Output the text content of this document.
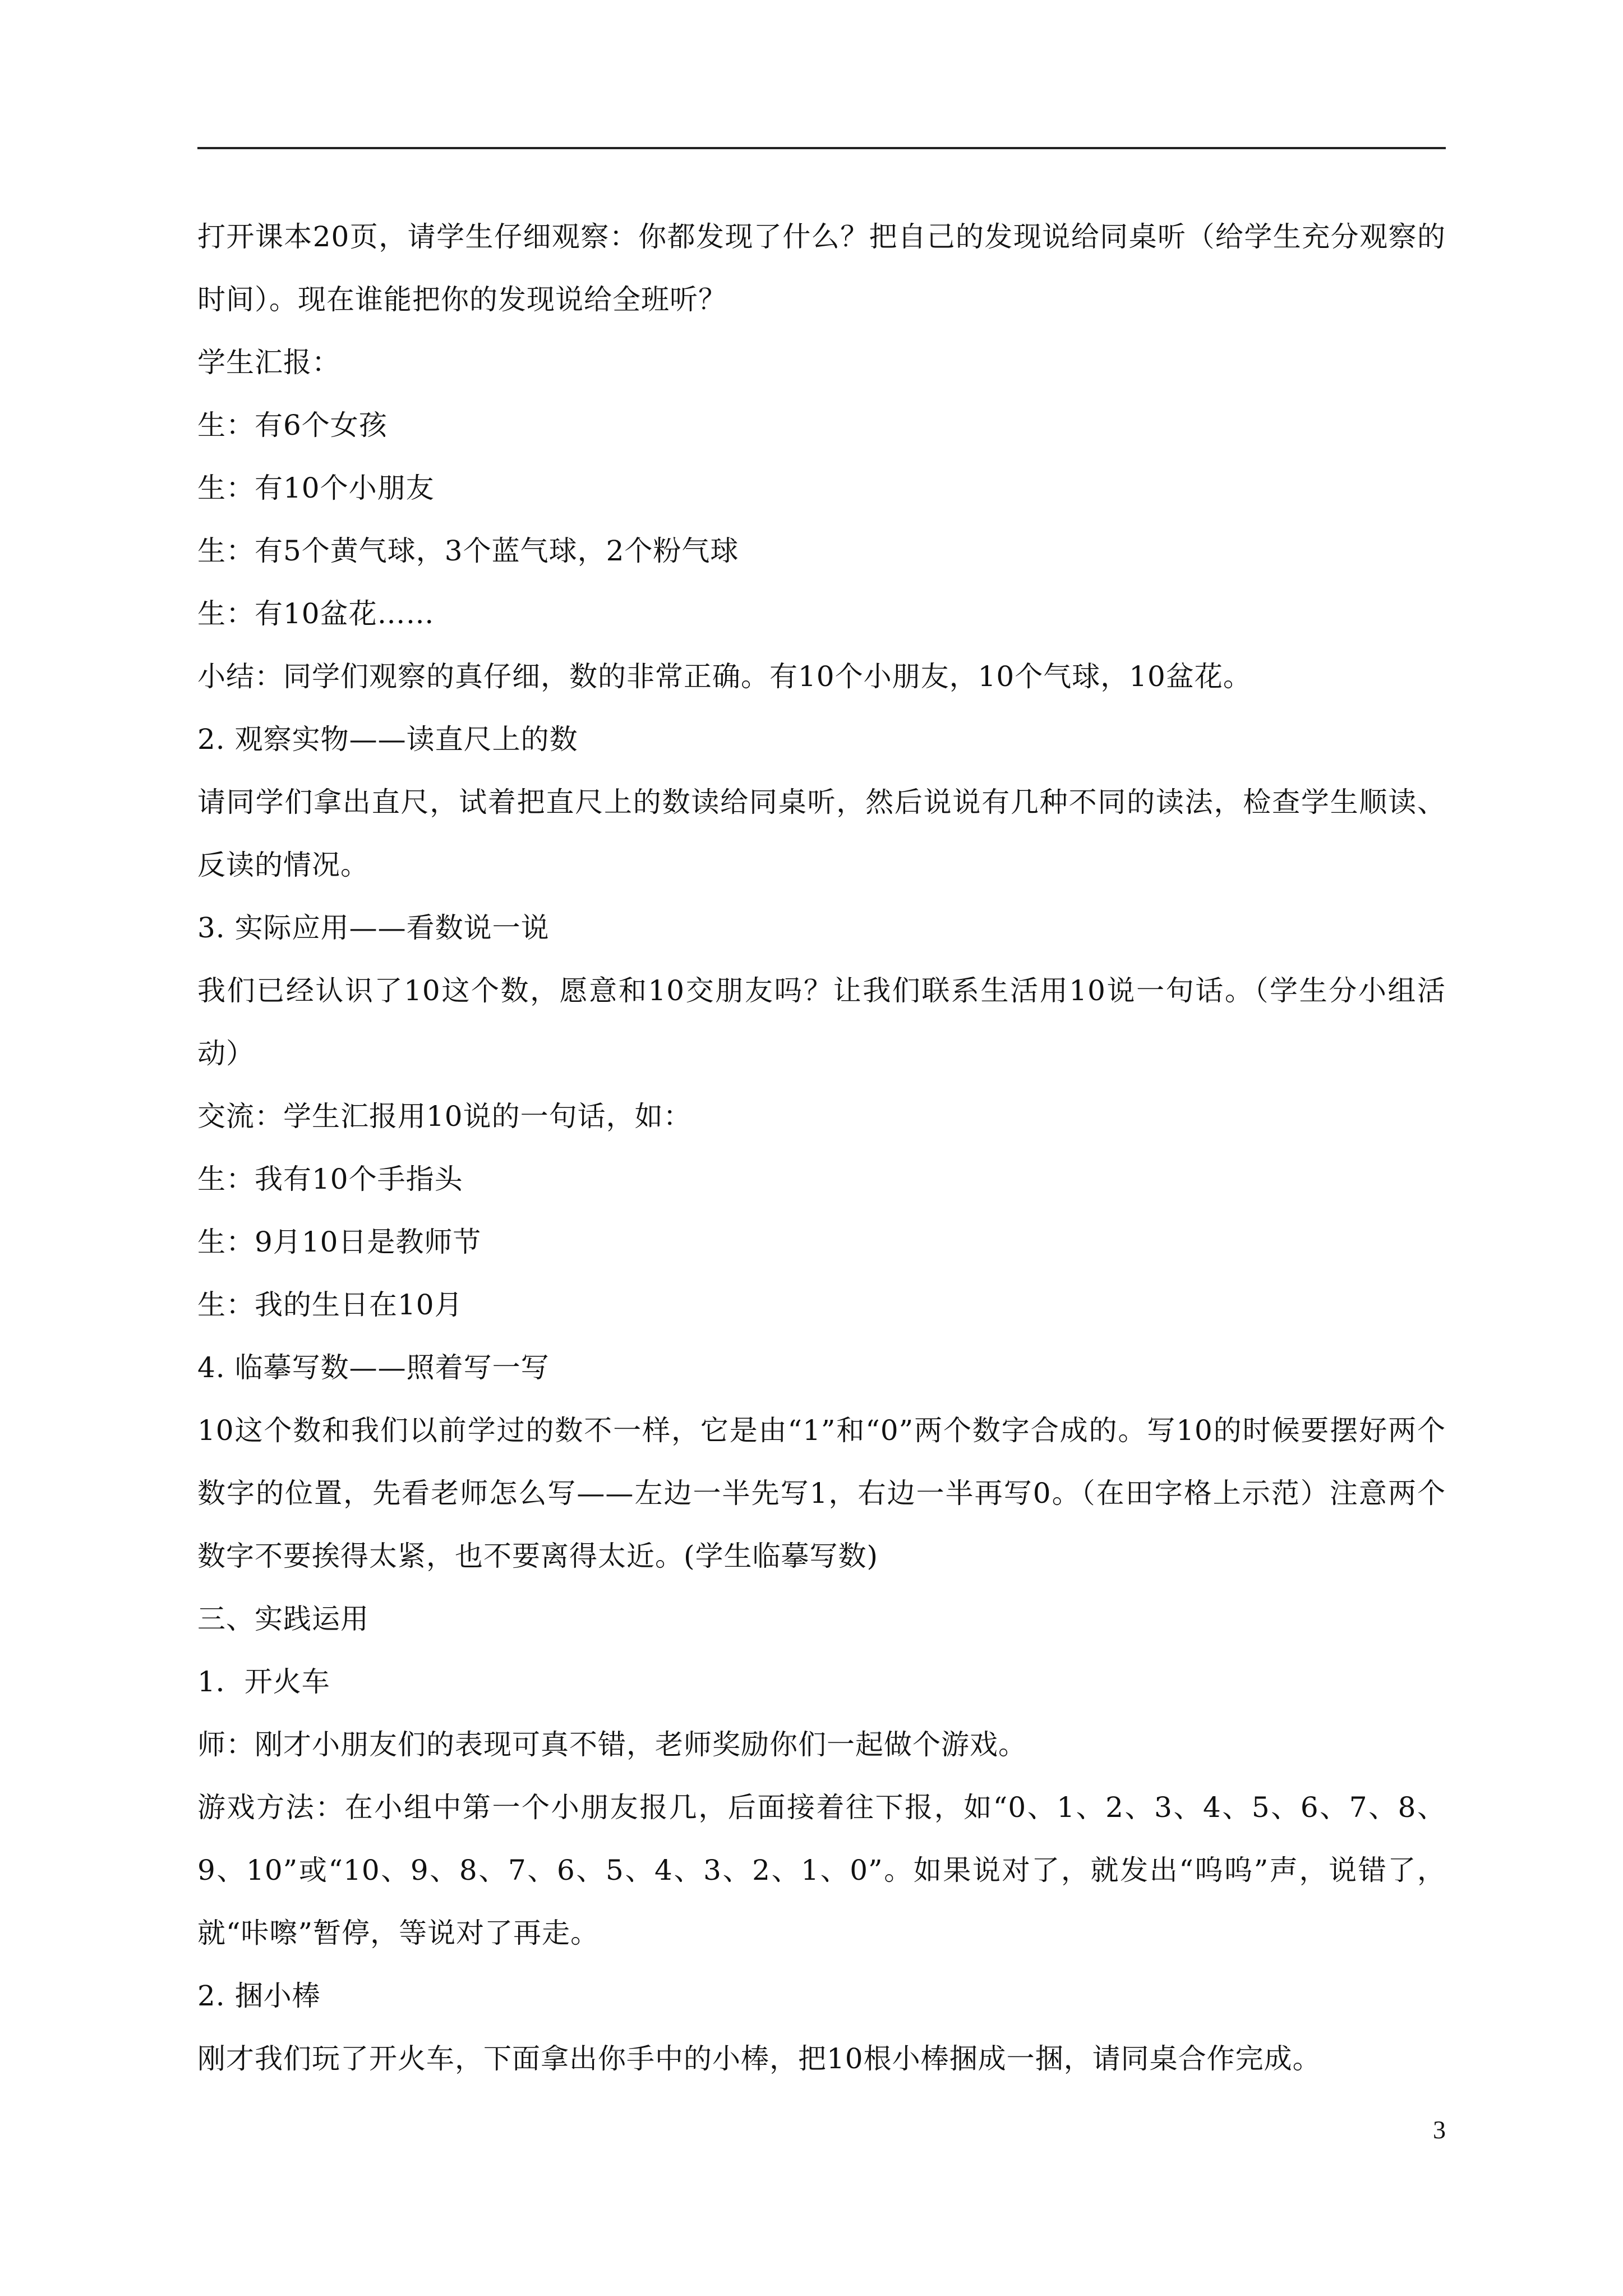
打开课本20页，请学生仔细观察：你都发现了什么？把自己的发现说给同桌听（给学生充分观察的时间）。现在谁能把你的发现说给全班听？

学生汇报：

生：有6个女孩

生：有10个小朋友

生：有5个黄气球，3个蓝气球，2个粉气球

生：有10盆花……

小结：同学们观察的真仔细，数的非常正确。有10个小朋友，10个气球，10盆花。

2. 观察实物——读直尺上的数

请同学们拿出直尺，试着把直尺上的数读给同桌听，然后说说有几种不同的读法，检查学生顺读、反读的情况。

3. 实际应用——看数说一说

我们已经认识了10这个数，愿意和10交朋友吗？让我们联系生活用10说一句话。（学生分小组活动）

交流：学生汇报用10说的一句话，如：

生：我有10个手指头

生：9月10日是教师节

生：我的生日在10月

4. 临摹写数——照着写一写

10这个数和我们以前学过的数不一样，它是由“1”和“0”两个数字合成的。写10的时候要摆好两个数字的位置，先看老师怎么写——左边一半先写1，右边一半再写0。（在田字格上示范）注意两个数字不要挨得太紧，也不要离得太近。(学生临摹写数)

三、实践运用

1．开火车

师：刚才小朋友们的表现可真不错，老师奖励你们一起做个游戏。

游戏方法：在小组中第一个小朋友报几，后面接着往下报，如“0、1、2、3、4、5、6、7、8、9、10”或“10、9、8、7、6、5、4、3、2、1、0”。如果说对了，就发出“呜呜”声，说错了，就“咔嚓”暂停，等说对了再走。

2. 捆小棒

刚才我们玩了开火车，下面拿出你手中的小棒，把10根小棒捆成一捆，请同桌合作完成。

3
